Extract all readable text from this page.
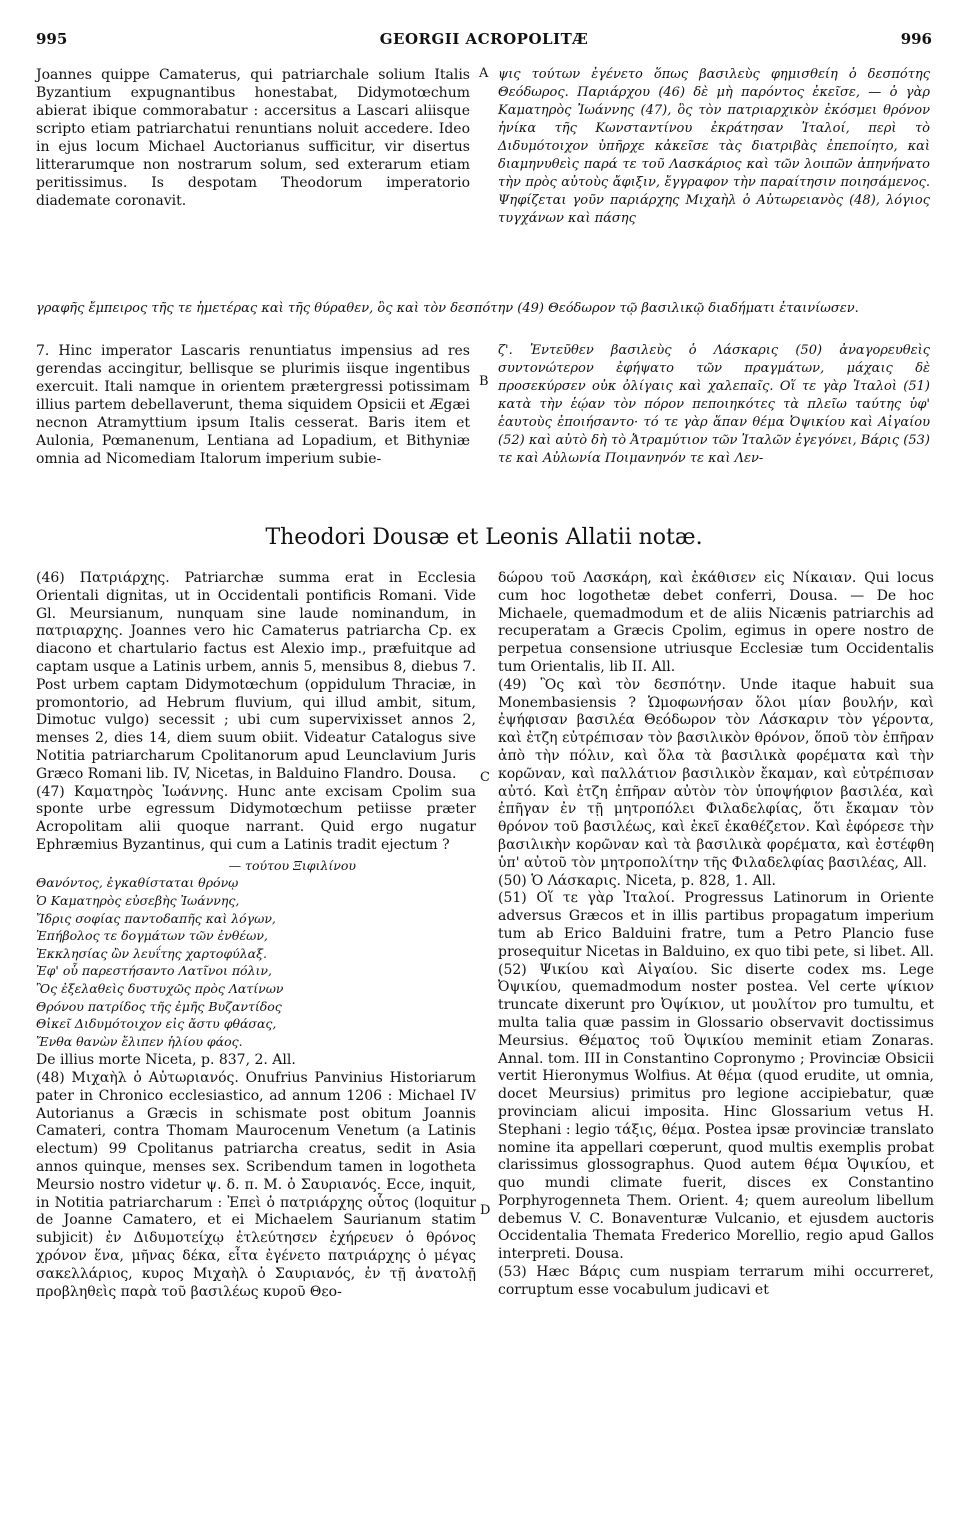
995	GEORGII ACROPOLITÆ	996

Joannes quippe Camaterus, qui patriarchale solium Italis Byzantium expugnantibus honestabat, Didymotœchum abierat ibique commorabatur : accersitus a Lascari aliisque scripto etiam patriarchatui renuntians noluit accedere. Ideo in ejus locum Michael Auctorianus sufficitur, vir disertus litterarumque non nostrarum solum, sed exterarum etiam peritissimus. Is despotam Theodorum imperatorio diademate coronavit.

A ψις τούτων ἐγένετο ὅπως βασιλεὺς φημισθείη ὁ δεσπότης Θεόδωρος. Παριάρχου (46) δὲ μὴ παρόντος ἐκεῖσε, — ὁ γὰρ Καματηρὸς Ἰωάννης (47), ὃς τὸν πατριαρχικὸν ἐκόσμει θρόνον ἡνίκα τῆς Κωνσταντίνου ἐκράτησαν Ἰταλοί, περὶ τὸ Διδυμότοιχον ὑπῆρχε κἀκεῖσε τὰς διατριβὰς ἐπεποίητο, καὶ διαμηνυθεὶς παρά τε τοῦ Λασκάριος καὶ τῶν λοιπῶν ἀπηνήνατο τὴν πρὸς αὐτοὺς ἄφιξιν, ἔγγραφον τὴν παραίτησιν ποιησάμενος. Ψηφίζεται γοῦν παριάρχης Μιχαὴλ ὁ Αὐτωρειανὸς (48), λόγιος τυγχάνων καὶ πάσης

γραφῆς ἔμπειρος τῆς τε ἡμετέρας καὶ τῆς θύραθεν, ὃς καὶ τὸν δεσπότην (49) Θεόδωρον τῷ βασιλικῷ διαδήματι ἐταινίωσεν.

7. Hinc imperator Lascaris renuntiatus impensius ad res gerendas accingitur, bellisque se plurimis iisque ingentibus exercuit. Itali namque in orientem prætergressi potissimam illius partem debellaverunt, thema siquidem Opsicii et Ægæi necnon Atramyttium ipsum Italis cesserat. Baris item et Aulonia, Pœmanenum, Lentiana ad Lopadium, et Bithyniæ omnia ad Nicomediam Italorum imperium subie-

B

ζ'. Ἐντεῦθεν βασιλεὺς ὁ Λάσκαρις (50) ἀναγορευθεὶς συντονώτερον ἐφήψατο τῶν πραγμάτων, μάχαις δὲ προσεκύρσεν οὐκ ὀλίγαις καὶ χαλεπαῖς. Οἵ τε γὰρ Ἰταλοὶ (51) κατὰ τὴν ἑῴαν τὸν πόρον πεποιηκότες τὰ πλεῖω ταύτης ὑφ' ἑαυτοὺς ἐποιήσαντο· τό τε γὰρ ἅπαν θέμα Ὀψικίου καὶ Αἰγαίου (52) καὶ αὐτὸ δὴ τὸ Ἀτραμύτιον τῶν Ἰταλῶν ἐγεγόνει, Βάρις (53) τε καὶ Αὐλωνία Ποιμανηνόν τε καὶ Λεν-

Theodori Dousæ et Leonis Allatii notæ.

(46) Πατριάρχης. Patriarchæ summa erat in Ecclesia Orientali dignitas, ut in Occidentali pontificis Romani. Vide Gl. Meursianum, nunquam sine laude nominandum, in πατριαρχης. Joannes vero hic Camaterus patriarcha Cp. ex diacono et chartulario factus est Alexio imp., præfuitque ad captam usque a Latinis urbem, annis 5, mensibus 8, diebus 7. Post urbem captam Didymotœchum (oppidulum Thraciæ, in promontorio, ad Hebrum fluvium, qui illud ambit, situm, Dimotuc vulgo) secessit ; ubi cum supervixisset annos 2, menses 2, dies 14, diem suum obiit. Videatur Catalogus sive Notitia patriarcharum Cpolitanorum apud Leunclavium Juris Græco Romani lib. IV, Nicetas, in Balduino Flandro. Dousa.

(47) Καματηρὸς Ἰωάννης. Hunc ante excisam Cpolim sua sponte urbe egressum Didymotœchum petiisse præter Acropolitam alii quoque narrant. Quid ergo nugatur Ephræmius Byzantinus, qui cum a Latinis tradit ejectum ?

— τούτου Ξιφιλίνου
Θανόντος, ἐγκαθίσταται θρόνῳ
Ὁ Καματηρὸς εὐσεβὴς Ἰωάννης,
Ἴδρις σοφίας παντοδαπῆς καὶ λόγων,
Ἐπήβολος τε δογμάτων τῶν ἐνθέων,
Ἐκκλησίας ὢν λευΐτης χαρτοφύλαξ.
Ἐφ' οὗ παρεστήσαντο Λατῖνοι πόλιν,
Ὃς ἐξελαθεὶς δυστυχῶς πρὸς Λατίνων
Θρόνου πατρίδος τῆς ἐμῆς Βυζαντίδος
Θἰκεῖ Διδυμότοιχον εἰς ἄστυ φθάσας,
Ἔνθα θανὼν ἔλιπεν ἡλίου φάος.

De illius morte Niceta, p. 837, 2. All.

(48) Μιχαὴλ ὁ Αὐτωριανός. Onufrius Panvinius Historiarum pater in Chronico ecclesiastico, ad annum 1206 : Michael IV Autorianus a Græcis in schismate post obitum Joannis Camateri, contra Thomam Maurocenum Venetum (a Latinis electum) 99 Cpolitanus patriarcha creatus, sedit in Asia annos quinque, menses sex. Scribendum tamen in logotheta Meursio nostro videtur ψ. δ. π. Μ. ὁ Σαυριανός. Ecce, inquit, in Notitia patriarcharum : Ἐπεὶ ὁ πατριάρχης οὗτος (loquitur de Joanne Camatero, et ei Michaelem Saurianum statim subjicit) ἐν Διδυμοτείχῳ ἐτλεύτησεν ἐχήρευεν ὁ θρόνος χρόνον ἕνα, μῆνας δέκα, εἶτα ἐγένετο πατριάρχης ὁ μέγας σακελλάριος, κυρος Μιχαὴλ ὁ Σαυριανός, ἐν τῇ ἀνατολῇ προβληθεὶς παρὰ τοῦ βασιλέως κυροῦ Θεο-

C
D

δώρου τοῦ Λασκάρη, καὶ ἐκάθισεν εἰς Νίκαιαν. Qui locus cum hoc logothetæ debet conferri, Dousa. — De hoc Michaele, quemadmodum et de aliis Nicænis patriarchis ad recuperatam a Græcis Cpolim, egimus in opere nostro de perpetua consensione utriusque Ecclesiæ tum Occidentalis tum Orientalis, lib II. All.

(49) Ὃς καὶ τὸν δεσπότην. Unde itaque habuit sua Monembasiensis ? Ὡμοφωνήσαν ὅλοι μίαν βουλήν, καὶ ἐψήφισαν βασιλέα Θεόδωρον τὸν Λάσκαριν τὸν γέροντα, καὶ ἐτζη εὐτρέπισαν τὸν βασιλικὸν θρόνον, ὅποῦ τὸν ἐπῆραν ἀπὸ τὴν πόλιν, καὶ ὅλα τὰ βασιλικὰ φορέματα καὶ τὴν κορῶναν, καὶ παλλάτιον βασιλικὸν ἔκαμαν, καὶ εὐτρέπισαν αὐτό. Καὶ ἐτζη ἐπῆραν αὐτὸν τὸν ὑποψήφιον βασιλέα, καὶ ἐπῆγαν ἐν τῇ μητροπόλει Φιλαδελφίας, ὅτι ἔκαμαν τὸν θρόνον τοῦ βασιλέως, καὶ ἐκεῖ ἐκαθέζετον. Καὶ ἐφόρεσε τὴν βασιλικὴν κορῶναν καὶ τὰ βασιλικὰ φορέματα, καὶ ἐστέφθη ὑπ' αὐτοῦ τὸν μητροπολίτην τῆς Φιλαδελφίας βασιλέας, All.

(50) Ὁ Λάσκαρις. Niceta, p. 828, 1. All.

(51) Οἵ τε γὰρ Ἰταλοί. Progressus Latinorum in Oriente adversus Græcos et in illis partibus propagatum imperium tum ab Erico Balduini fratre, tum a Petro Plancio fuse prosequitur Nicetas in Balduino, ex quo tibi pete, si libet. All.

(52) Ψικίου καὶ Αἰγαίου. Sic diserte codex ms. Lege Ὀψικίου, quemadmodum noster postea. Vel certe ψίκιον truncate dixerunt pro Ὀψίκιον, ut μουλίτον pro tumultu, et multa talia quæ passim in Glossario observavit doctissimus Meursius. Θέματος τοῦ Ὀψικίου meminit etiam Zonaras. Annal. tom. III in Constantino Copronymo ; Provinciæ Obsicii vertit Hieronymus Wolfius. At θέμα (quod erudite, ut omnia, docet Meursius) primitus pro legione accipiebatur, quæ provinciam alicui imposita. Hinc Glossarium vetus H. Stephani : legio τάξις, θέμα. Postea ipsæ provinciæ translato nomine ita appellari cœperunt, quod multis exemplis probat clarissimus glossographus. Quod autem θέμα Ὀψικίου, et quo mundi climate fuerit, disces ex Constantino Porphyrogenneta Them. Orient. 4; quem aureolum libellum debemus V. C. Bonaventuræ Vulcanio, et ejusdem auctoris Occidentalia Themata Frederico Morellio, regio apud Gallos interpreti. Dousa.

(53) Hæc Βάρις cum nuspiam terrarum mihi occurreret, corruptum esse vocabulum judicavi et
